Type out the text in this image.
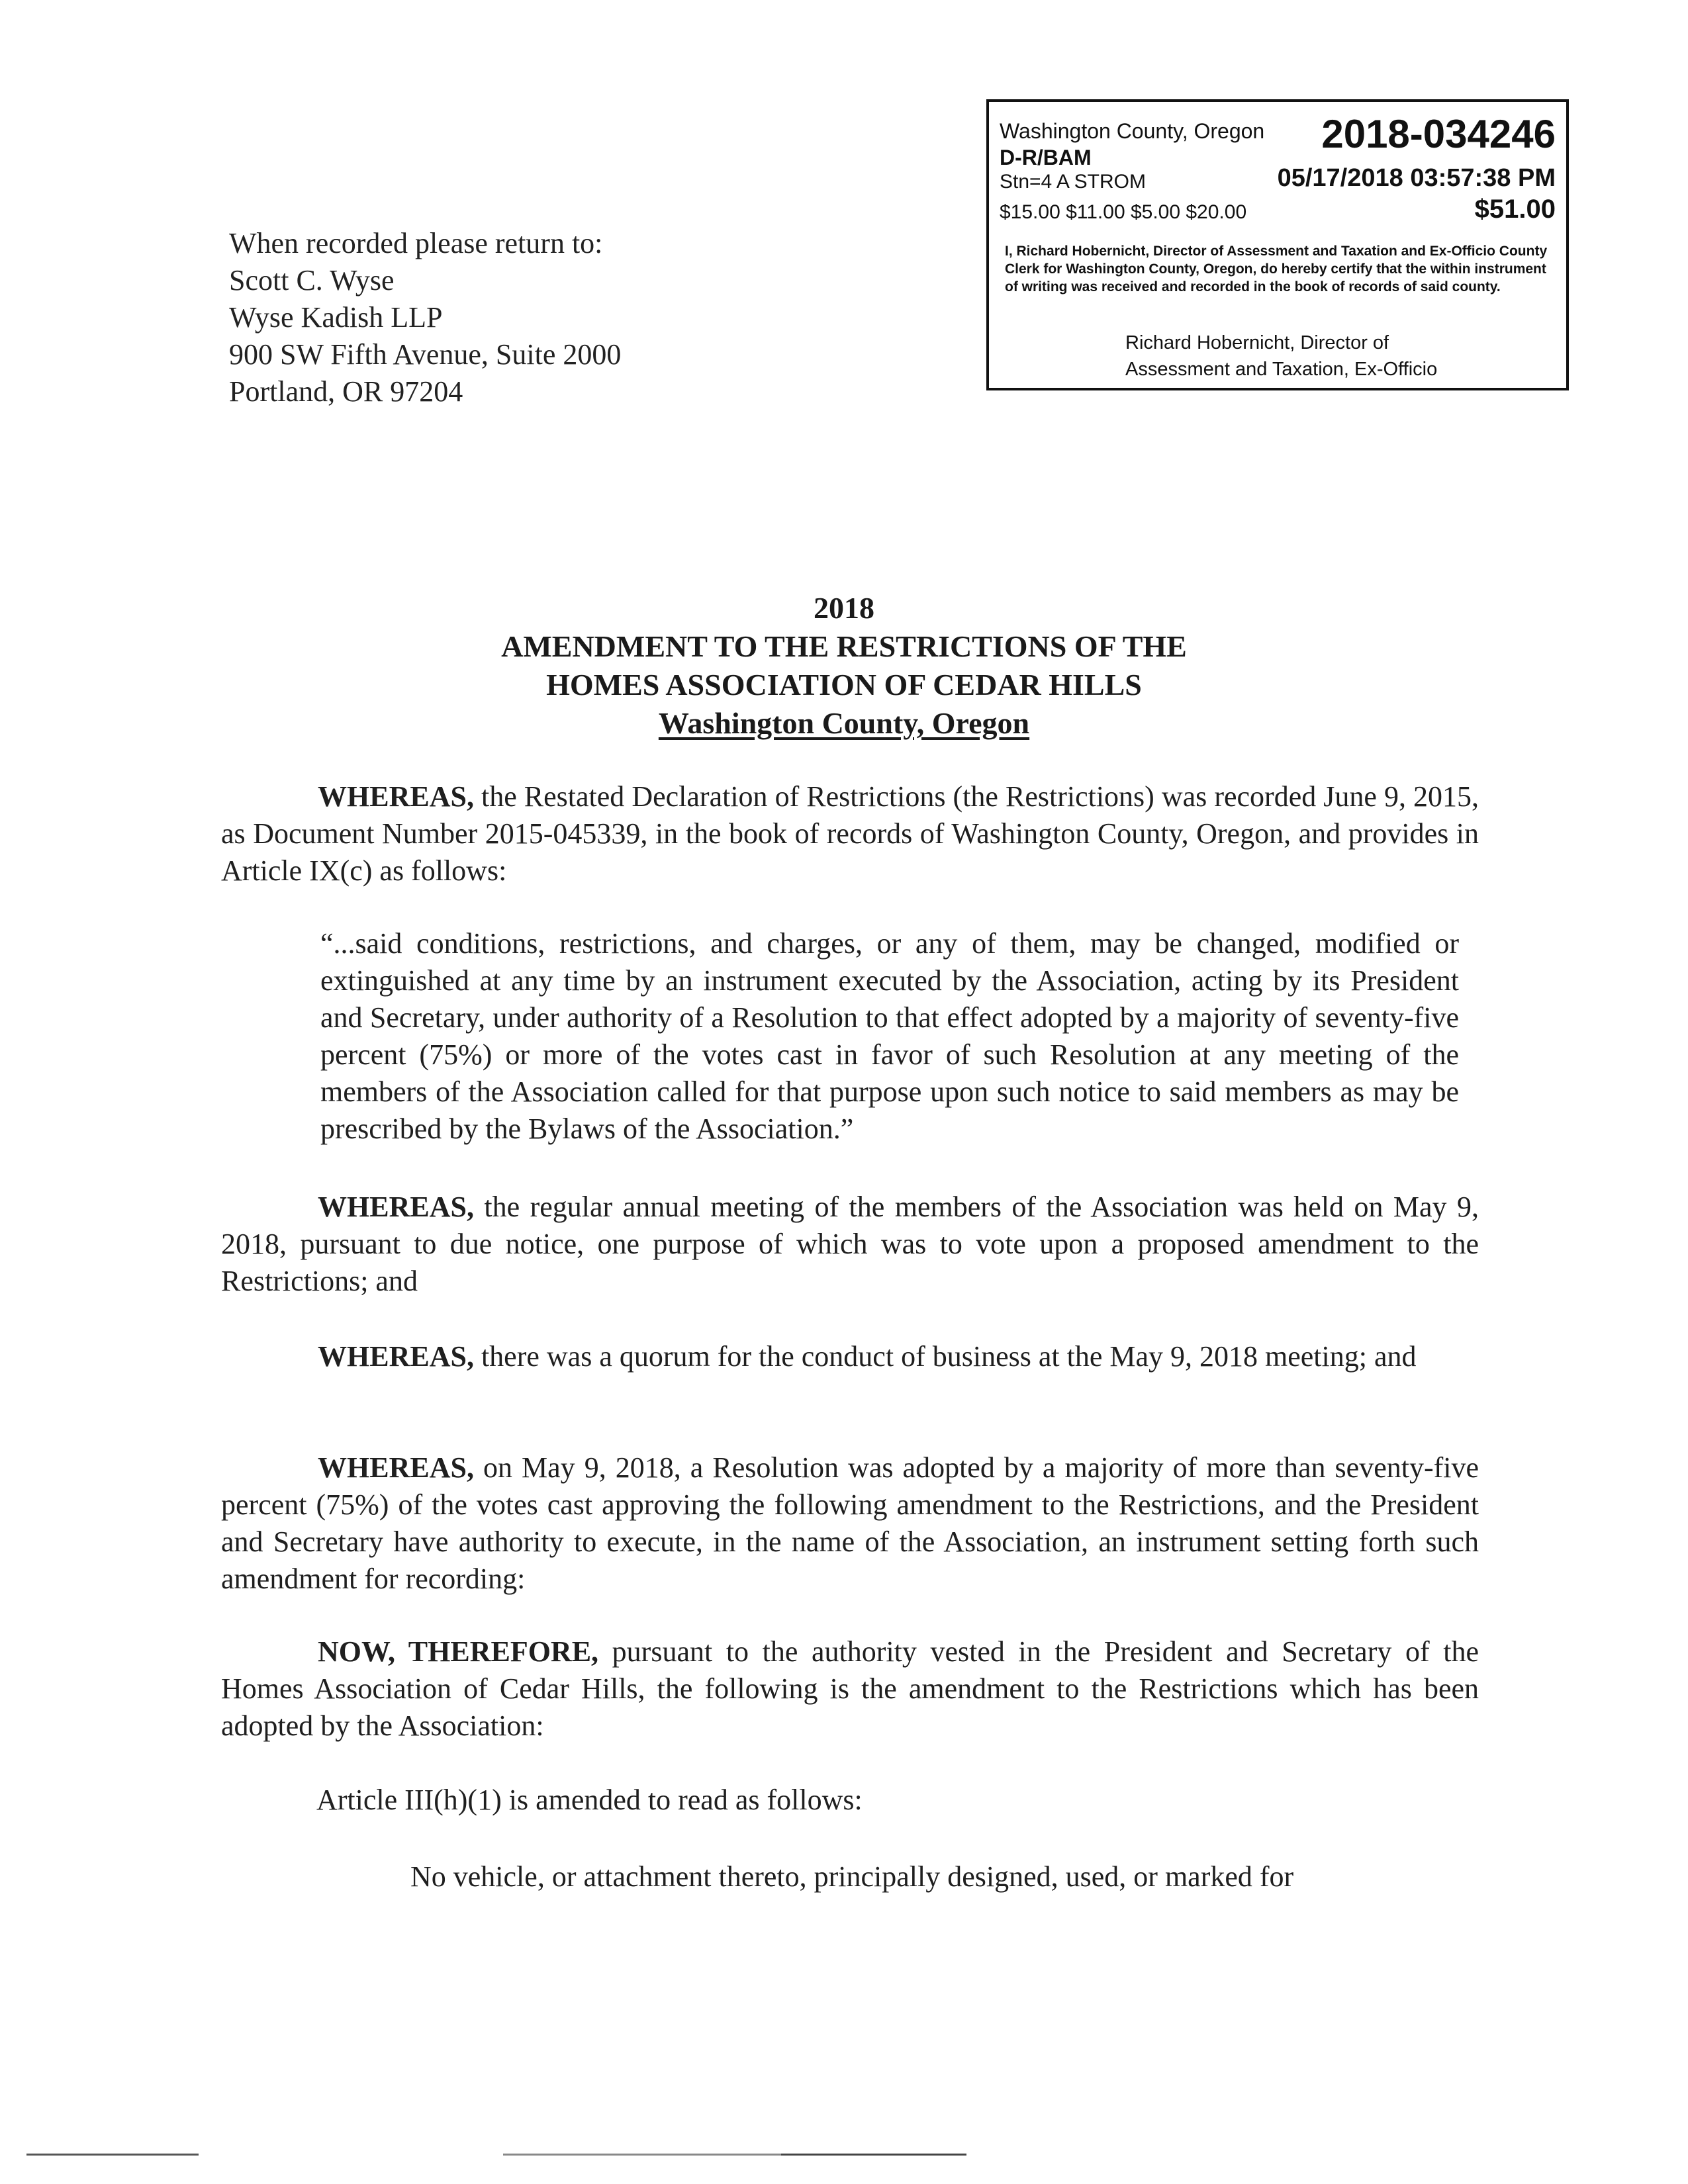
When recorded please return to:
Scott C. Wyse
Wyse Kadish LLP
900 SW Fifth Avenue, Suite 2000
Portland, OR 97204
Washington County, Oregon 2018-034246
D-R/BAM
Stn=4 A STROM	05/17/2018 03:57:38 PM
$15.00 $11.00 $5.00 $20.00	$51.00
I, Richard Hobernicht, Director of Assessment and Taxation and Ex-Officio County Clerk for Washington County, Oregon, do hereby certify that the within instrument of writing was received and recorded in the book of records of said county.
Richard Hobernicht, Director of
Assessment and Taxation, Ex-Officio
2018
AMENDMENT TO THE RESTRICTIONS OF THE
HOMES ASSOCIATION OF CEDAR HILLS
Washington County, Oregon
WHEREAS, the Restated Declaration of Restrictions (the Restrictions) was recorded June 9, 2015, as Document Number 2015-045339, in the book of records of Washington County, Oregon, and provides in Article IX(c) as follows:
“...said conditions, restrictions, and charges, or any of them, may be changed, modified or extinguished at any time by an instrument executed by the Association, acting by its President and Secretary, under authority of a Resolution to that effect adopted by a majority of seventy-five percent (75%) or more of the votes cast in favor of such Resolution at any meeting of the members of the Association called for that purpose upon such notice to said members as may be prescribed by the Bylaws of the Association.”
WHEREAS, the regular annual meeting of the members of the Association was held on May 9, 2018, pursuant to due notice, one purpose of which was to vote upon a proposed amendment to the Restrictions; and
WHEREAS, there was a quorum for the conduct of business at the May 9, 2018 meeting; and
WHEREAS, on May 9, 2018, a Resolution was adopted by a majority of more than seventy-five percent (75%) of the votes cast approving the following amendment to the Restrictions, and the President and Secretary have authority to execute, in the name of the Association, an instrument setting forth such amendment for recording:
NOW, THEREFORE, pursuant to the authority vested in the President and Secretary of the Homes Association of Cedar Hills, the following is the amendment to the Restrictions which has been adopted by the Association:
Article III(h)(1) is amended to read as follows:
No vehicle, or attachment thereto, principally designed, used, or marked for
